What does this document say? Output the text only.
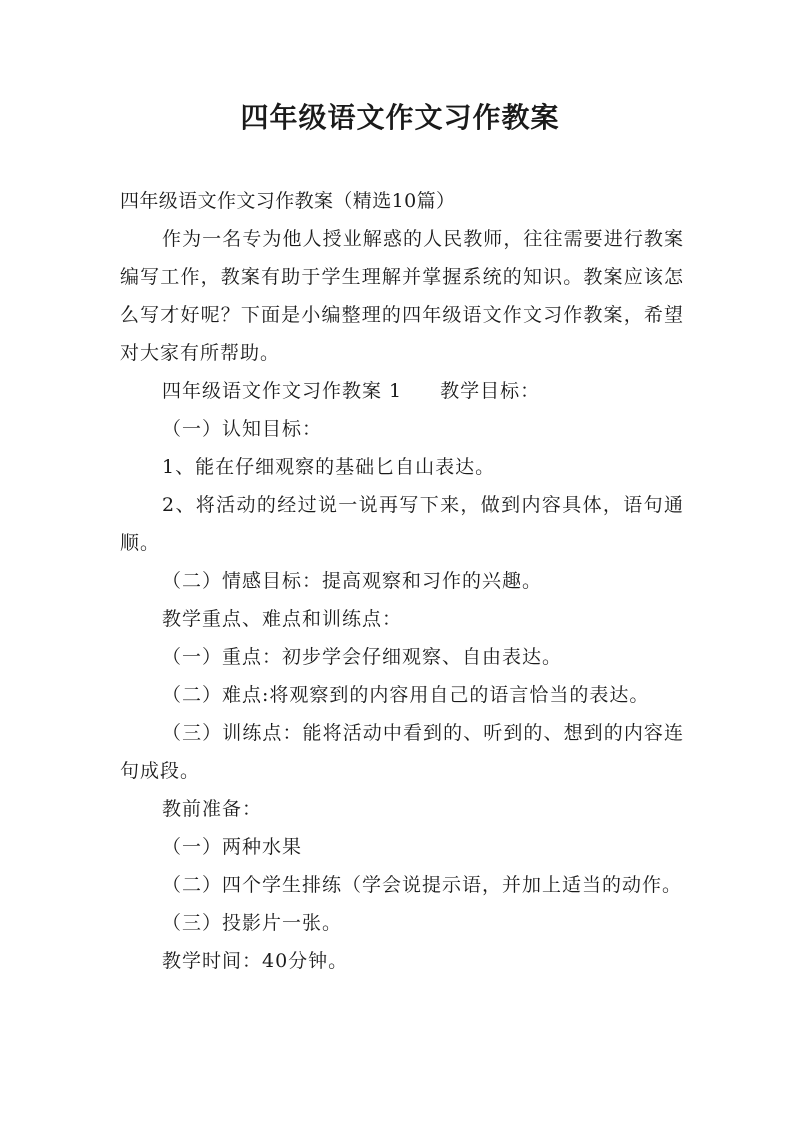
四年级语文作文习作教案

四年级语文作文习作教案（精选10篇）

作为一名专为他人授业解惑的人民教师，往往需要进行教案编写工作，教案有助于学生理解并掌握系统的知识。教案应该怎么写才好呢？下面是小编整理的四年级语文作文习作教案，希望对大家有所帮助。

四年级语文作文习作教案 1 教学目标：

（一）认知目标：

1、能在仔细观察的基础匕自山表达。

2、将活动的经过说一说再写下来，做到内容具体，语句通顺。

（二）情感目标：提高观察和习作的兴趣。

教学重点、难点和训练点：

（一）重点：初步学会仔细观察、自由表达。

（二）难点:将观察到的内容用自己的语言恰当的表达。

（三）训练点：能将活动中看到的、听到的、想到的内容连句成段。

教前准备：

（一）两种水果

（二）四个学生排练（学会说提示语，并加上适当的动作。

（三）投影片一张。

教学时间：40分钟。
